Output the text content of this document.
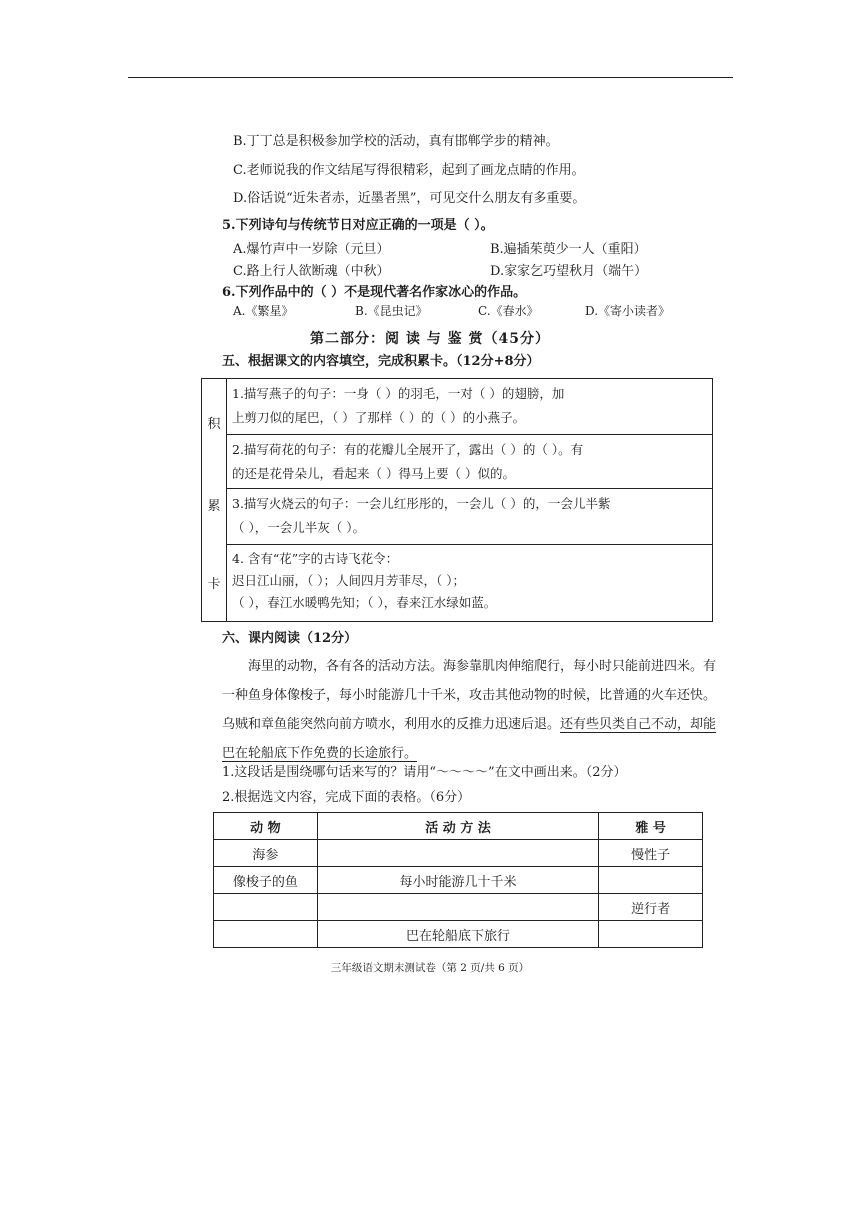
B.丁丁总是积极参加学校的活动，真有邯郸学步的精神。
C.老师说我的作文结尾写得很精彩，起到了画龙点睛的作用。
D.俗话说“近朱者赤，近墨者黑”，可见交什么朋友有多重要。
5.下列诗句与传统节日对应正确的一项是（ ）。
A.爆竹声中一岁除（元旦）	B.遍插茱萸少一人（重阳）
C.路上行人欲断魂（中秋）	D.家家乞巧望秋月（端午）
6.下列作品中的（ ）不是现代著名作家冰心的作品。
A.《繁星》	B.《昆虫记》	C.《春水》	D.《寄小读者》
第二部分：阅 读 与 鉴 赏（45分）
五、根据课文的内容填空，完成积累卡。（12分+8分）
积
累
卡
1.描写燕子的句子：一身（ ）的羽毛，一对（ ）的翅膀，加
上剪刀似的尾巴，（ ）了那样（ ）的（ ）的小燕子。
2.描写荷花的句子：有的花瓣儿全展开了，露出（ ）的（ ）。有
的还是花骨朵儿，看起来（ ）得马上要（ ）似的。
3.描写火烧云的句子：一会儿红彤彤的，一会儿（ ）的，一会儿半紫
（ ），一会儿半灰（ ）。
4. 含有“花”字的古诗飞花令：
迟日江山丽，（ ）；人间四月芳菲尽，（ ）；
（ ），春江水暖鸭先知；（ ），春来江水绿如蓝。
六、课内阅读（12分）

海里的动物，各有各的活动方法。海参靠肌肉伸缩爬行，每小时只能前进四米。有一种鱼身体像梭子，每小时能游几十千米，攻击其他动物的时候，比普通的火车还快。乌贼和章鱼能突然向前方喷水，利用水的反推力迅速后退。还有些贝类自己不动，却能巴在轮船底下作免费的长途旅行。

1.这段话是围绕哪句话来写的？请用“～～～～”在文中画出来。（2分）
2.根据选文内容，完成下面的表格。（6分）
动 物	活 动 方 法	雅 号
海参		慢性子
像梭子的鱼	每小时能游几十千米	
		逆行者
	巴在轮船底下旅行	
三年级语文期末测试卷（第 2 页/共 6 页）
